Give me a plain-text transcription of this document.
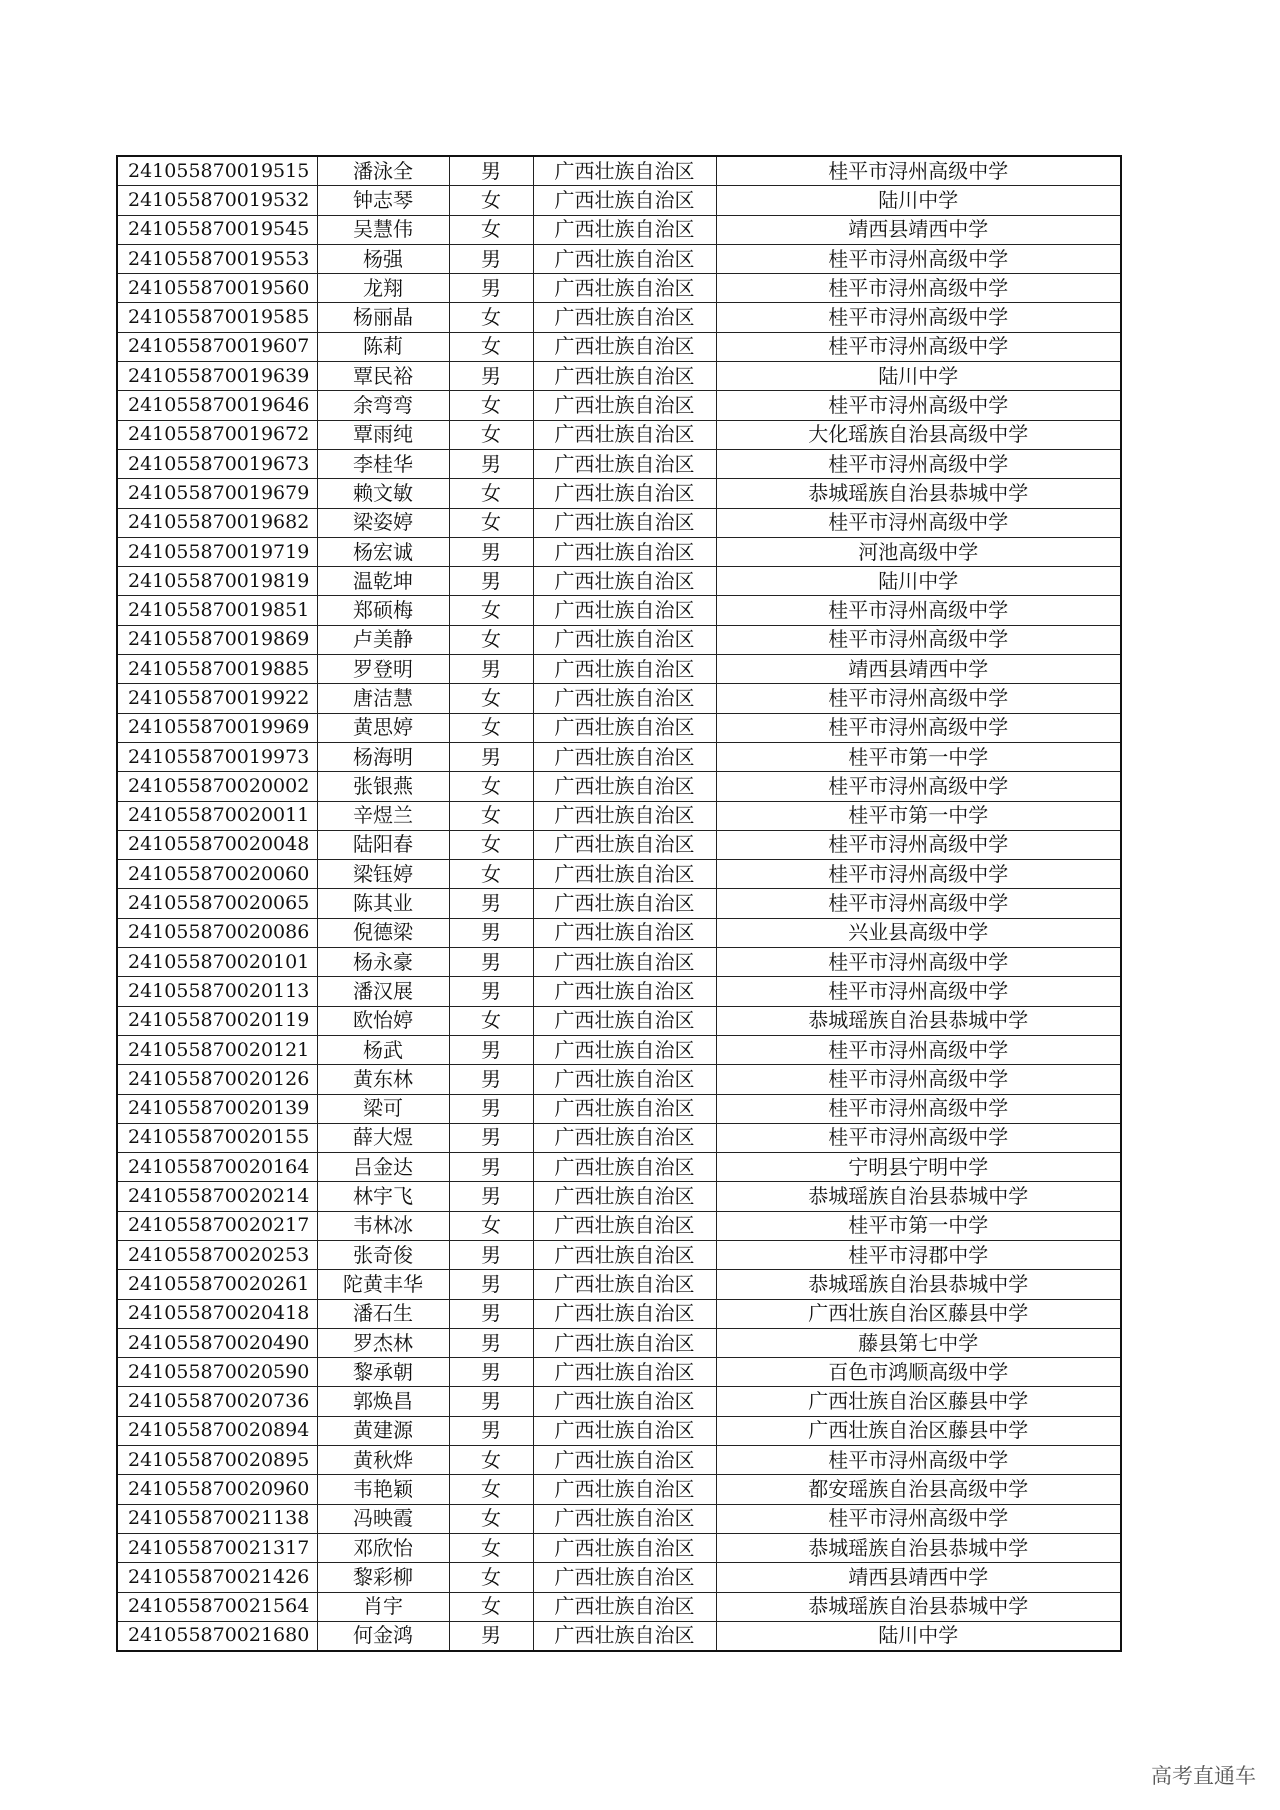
241055870019515	潘泳全	男	广西壮族自治区	桂平市浔州高级中学
241055870019532	钟志琴	女	广西壮族自治区	陆川中学
241055870019545	吴慧伟	女	广西壮族自治区	靖西县靖西中学
241055870019553	杨强	男	广西壮族自治区	桂平市浔州高级中学
241055870019560	龙翔	男	广西壮族自治区	桂平市浔州高级中学
241055870019585	杨丽晶	女	广西壮族自治区	桂平市浔州高级中学
241055870019607	陈莉	女	广西壮族自治区	桂平市浔州高级中学
241055870019639	覃民裕	男	广西壮族自治区	陆川中学
241055870019646	余弯弯	女	广西壮族自治区	桂平市浔州高级中学
241055870019672	覃雨纯	女	广西壮族自治区	大化瑶族自治县高级中学
241055870019673	李桂华	男	广西壮族自治区	桂平市浔州高级中学
241055870019679	赖文敏	女	广西壮族自治区	恭城瑶族自治县恭城中学
241055870019682	梁姿婷	女	广西壮族自治区	桂平市浔州高级中学
241055870019719	杨宏诚	男	广西壮族自治区	河池高级中学
241055870019819	温乾坤	男	广西壮族自治区	陆川中学
241055870019851	郑硕梅	女	广西壮族自治区	桂平市浔州高级中学
241055870019869	卢美静	女	广西壮族自治区	桂平市浔州高级中学
241055870019885	罗登明	男	广西壮族自治区	靖西县靖西中学
241055870019922	唐洁慧	女	广西壮族自治区	桂平市浔州高级中学
241055870019969	黄思婷	女	广西壮族自治区	桂平市浔州高级中学
241055870019973	杨海明	男	广西壮族自治区	桂平市第一中学
241055870020002	张银燕	女	广西壮族自治区	桂平市浔州高级中学
241055870020011	辛煜兰	女	广西壮族自治区	桂平市第一中学
241055870020048	陆阳春	女	广西壮族自治区	桂平市浔州高级中学
241055870020060	梁钰婷	女	广西壮族自治区	桂平市浔州高级中学
241055870020065	陈其业	男	广西壮族自治区	桂平市浔州高级中学
241055870020086	倪德梁	男	广西壮族自治区	兴业县高级中学
241055870020101	杨永豪	男	广西壮族自治区	桂平市浔州高级中学
241055870020113	潘汉展	男	广西壮族自治区	桂平市浔州高级中学
241055870020119	欧怡婷	女	广西壮族自治区	恭城瑶族自治县恭城中学
241055870020121	杨武	男	广西壮族自治区	桂平市浔州高级中学
241055870020126	黄东林	男	广西壮族自治区	桂平市浔州高级中学
241055870020139	梁可	男	广西壮族自治区	桂平市浔州高级中学
241055870020155	薛大煜	男	广西壮族自治区	桂平市浔州高级中学
241055870020164	吕金达	男	广西壮族自治区	宁明县宁明中学
241055870020214	林宇飞	男	广西壮族自治区	恭城瑶族自治县恭城中学
241055870020217	韦林冰	女	广西壮族自治区	桂平市第一中学
241055870020253	张奇俊	男	广西壮族自治区	桂平市浔郡中学
241055870020261	陀黄丰华	男	广西壮族自治区	恭城瑶族自治县恭城中学
241055870020418	潘石生	男	广西壮族自治区	广西壮族自治区藤县中学
241055870020490	罗杰林	男	广西壮族自治区	藤县第七中学
241055870020590	黎承朝	男	广西壮族自治区	百色市鸿顺高级中学
241055870020736	郭焕昌	男	广西壮族自治区	广西壮族自治区藤县中学
241055870020894	黄建源	男	广西壮族自治区	广西壮族自治区藤县中学
241055870020895	黄秋烨	女	广西壮族自治区	桂平市浔州高级中学
241055870020960	韦艳颖	女	广西壮族自治区	都安瑶族自治县高级中学
241055870021138	冯映霞	女	广西壮族自治区	桂平市浔州高级中学
241055870021317	邓欣怡	女	广西壮族自治区	恭城瑶族自治县恭城中学
241055870021426	黎彩柳	女	广西壮族自治区	靖西县靖西中学
241055870021564	肖宇	女	广西壮族自治区	恭城瑶族自治县恭城中学
241055870021680	何金鸿	男	广西壮族自治区	陆川中学
高考直通车
